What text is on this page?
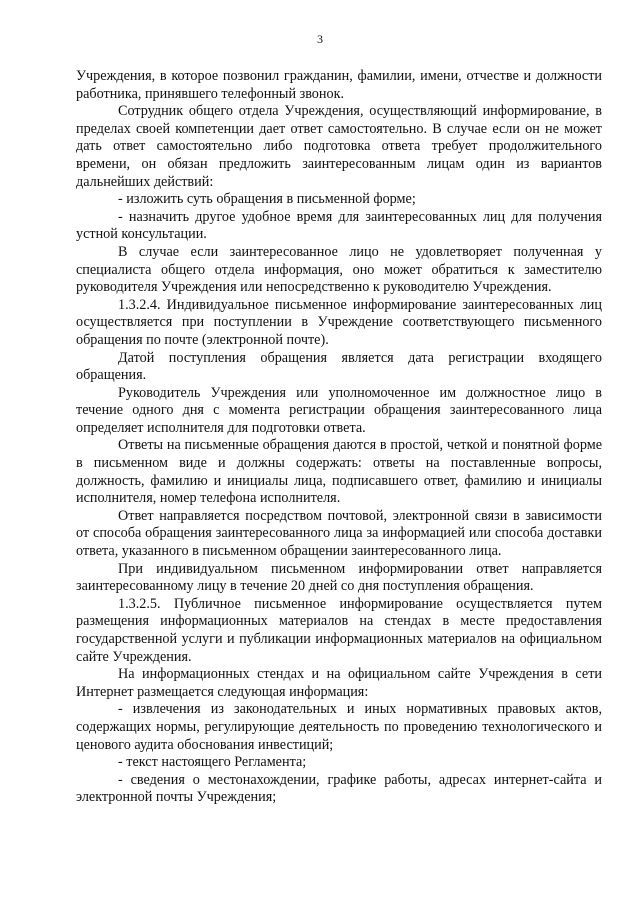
3

Учреждения, в которое позвонил гражданин, фамилии, имени, отчестве и должности работника, принявшего телефонный звонок.

Сотрудник общего отдела Учреждения, осуществляющий информирование, в пределах своей компетенции дает ответ самостоятельно. В случае если он не может дать ответ самостоятельно либо подготовка ответа требует продолжительного времени, он обязан предложить заинтересованным лицам один из вариантов дальнейших действий:

- изложить суть обращения в письменной форме;

- назначить другое удобное время для заинтересованных лиц для получения устной консультации.

В случае если заинтересованное лицо не удовлетворяет полученная у специалиста общего отдела информация, оно может обратиться к заместителю руководителя Учреждения или непосредственно к руководителю Учреждения.

1.3.2.4. Индивидуальное письменное информирование заинтересованных лиц осуществляется при поступлении в Учреждение соответствующего письменного обращения по почте (электронной почте).

Датой поступления обращения является дата регистрации входящего обращения.

Руководитель Учреждения или уполномоченное им должностное лицо в течение одного дня с момента регистрации обращения заинтересованного лица определяет исполнителя для подготовки ответа.

Ответы на письменные обращения даются в простой, четкой и понятной форме в письменном виде и должны содержать: ответы на поставленные вопросы, должность, фамилию и инициалы лица, подписавшего ответ, фамилию и инициалы исполнителя, номер телефона исполнителя.

Ответ направляется посредством почтовой, электронной связи в зависимости от способа обращения заинтересованного лица за информацией или способа доставки ответа, указанного в письменном обращении заинтересованного лица.

При индивидуальном письменном информировании ответ направляется заинтересованному лицу в течение 20 дней со дня поступления обращения.

1.3.2.5. Публичное письменное информирование осуществляется путем размещения информационных материалов на стендах в месте предоставления государственной услуги и публикации информационных материалов на официальном сайте Учреждения.

На информационных стендах и на официальном сайте Учреждения в сети Интернет размещается следующая информация:

- извлечения из законодательных и иных нормативных правовых актов, содержащих нормы, регулирующие деятельность по проведению технологического и ценового аудита обоснования инвестиций;

- текст настоящего Регламента;

- сведения о местонахождении, графике работы, адресах интернет-сайта и электронной почты Учреждения;
